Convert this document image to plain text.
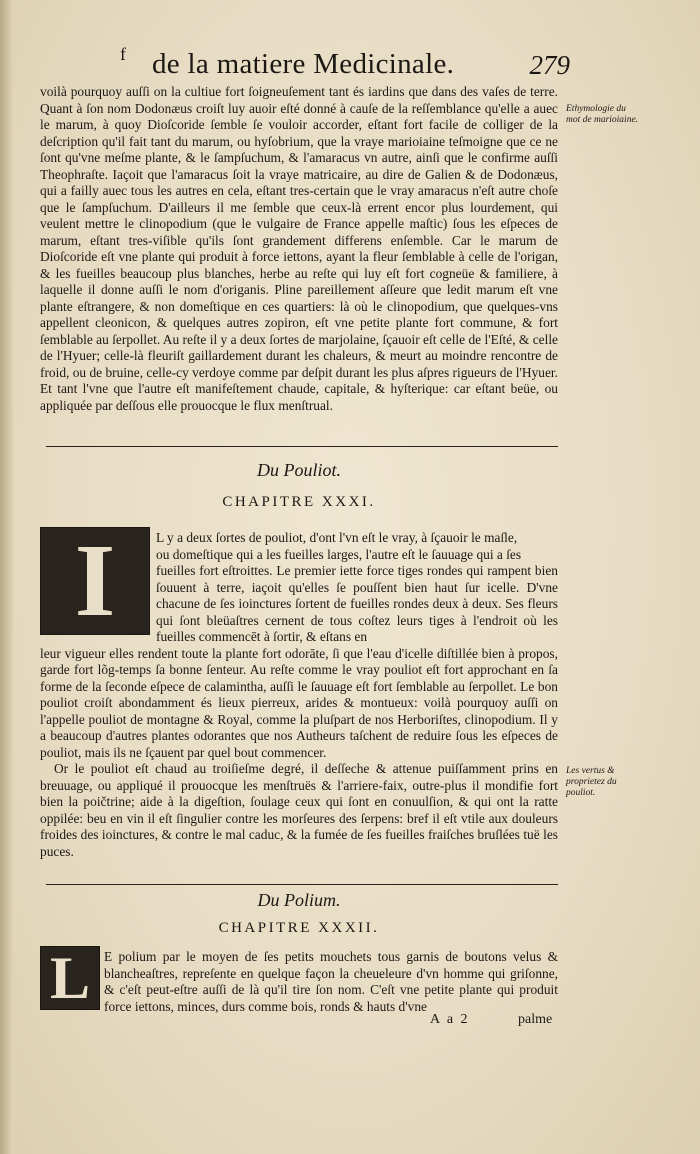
f de la matiere Medicinale.	279

voilà pourquoy auſſi on la cultiue fort ſoigneuſement tant és iardins que dans des vaſes de terre. Quant à ſon nom Dodonæus croiſt luy auoir eſté donné à cauſe de la reſſemblance qu'elle a auec le marum, à quoy Dioſcoride ſemble ſe vouloir accorder, eſtant fort facile de colliger de la deſcription qu'il fait tant du marum, ou hyſobrium, que la vraye marioiaine teſmoigne que ce ne ſont qu'vne meſme plante, & le ſampſuchum, & l'amaracus vn autre, ainſi que le confirme auſſi Theophraſte. Iaçoit que l'amaracus ſoit la vraye matricaire, au dire de Galien & de Dodonæus, qui a failly auec tous les autres en cela, eſtant tres-certain que le vray amaracus n'eſt autre choſe que le ſampſuchum. D'ailleurs il me ſemble que ceux-là errent encor plus lourdement, qui veulent mettre le clinopodium (que le vulgaire de France appelle maſtic) ſous les eſpeces de marum, eſtant tres-viſible qu'ils ſont grandement differens enſemble. Car le marum de Dioſcoride eſt vne plante qui produit à force iettons, ayant la fleur ſemblable à celle de l'origan, & les fueilles beaucoup plus blanches, herbe au reſte qui luy eſt fort cogneüe & familiere, à laquelle il donne auſſi le nom d'origanis. Pline pareillement aſſeure que ledit marum eſt vne plante eſtrangere, & non domeſtique en ces quartiers: là où le clinopodium, que quelques-vns appellent cleonicon, & quelques autres zopiron, eſt vne petite plante fort commune, & fort ſemblable au ſerpollet. Au reſte il y a deux ſortes de marjolaine, ſçauoir eſt celle de l'Eſté, & celle de l'Hyuer; celle-là fleuriſt gaillardement durant les chaleurs, & meurt au moindre rencontre de froid, ou de bruine, celle-cy verdoye comme par deſpit durant les plus aſpres rigueurs de l'Hyuer. Et tant l'vne que l'autre eſt manifeſtement chaude, capitale, & hyſterique: car eſtant beüe, ou appliquée par deſſous elle prouocque le flux menſtrual.

Ethymologie du mot de marioiaine.
Du Pouliot.
CHAPITRE XXXI.
I	L y a deux ſortes de pouliot, d'ont l'vn eſt le vray, à ſçauoir le maſle,

ou domeſtique qui a les fueilles larges, l'autre eſt le ſauuage qui a ſes

fueilles fort eſtroittes. Le premier iette force tiges rondes qui rampent bien ſouuent à terre, iaçoit qu'elles ſe pouſſent bien haut ſur icelle. D'vne chacune de ſes ioinctures ſortent de fueilles rondes deux à deux. Ses fleurs qui ſont bleüaſtres cernent de tous coſtez leurs tiges à l'endroit où les fueilles commencēt à ſortir, & eſtans en

leur vigueur elles rendent toute la plante fort odorāte, ſi que l'eau d'icelle diſtillée bien à propos, garde fort lõg-temps ſa bonne ſenteur. Au reſte comme le vray pouliot eſt fort approchant en ſa forme de la ſeconde eſpece de calamintha, auſſi le ſauuage eſt fort ſemblable au ſerpollet. Le bon pouliot croiſt abondamment és lieux pierreux, arides & montueux: voilà pourquoy auſſi on l'appelle pouliot de montagne & Royal, comme la pluſpart de nos Herboriſtes, clinopodium. Il y a beaucoup d'autres plantes odorantes que nos Autheurs taſchent de reduire ſous les eſpeces de pouliot, mais ils ne ſçauent par quel bout commencer.

Or le pouliot eſt chaud au troiſieſme degré, il deſſeche & attenue puiſſamment prins en breuuage, ou appliqué il prouocque les menſtruës & l'arriere-faix, outre-plus il mondifie fort bien la poičtrine; aide à la digeſtion, ſoulage ceux qui ſont en conuulſion, & qui ont la ratte oppilée: beu en vin il eſt ſingulier contre les morſeures des ſerpens: bref il eſt vtile aux douleurs froides des ioinctures, & contre le mal caduc, & la fumée de ſes fueilles fraiſches bruſlées tuë les puces.

Les vertus & proprietez du pouliot.
Du Polium.
CHAPITRE XXXII.
L	E polium par le moyen de ſes petits mouchets tous garnis de boutons velus & blancheaſtres, repreſente en quelque façon la cheueleure d'vn homme qui griſonne, & c'eſt peut-eſtre auſſi de là qu'il tire ſon nom. C'eſt vne petite plante qui produit force iettons, minces, durs comme bois, ronds & hauts d'vne

A a 2	palme
